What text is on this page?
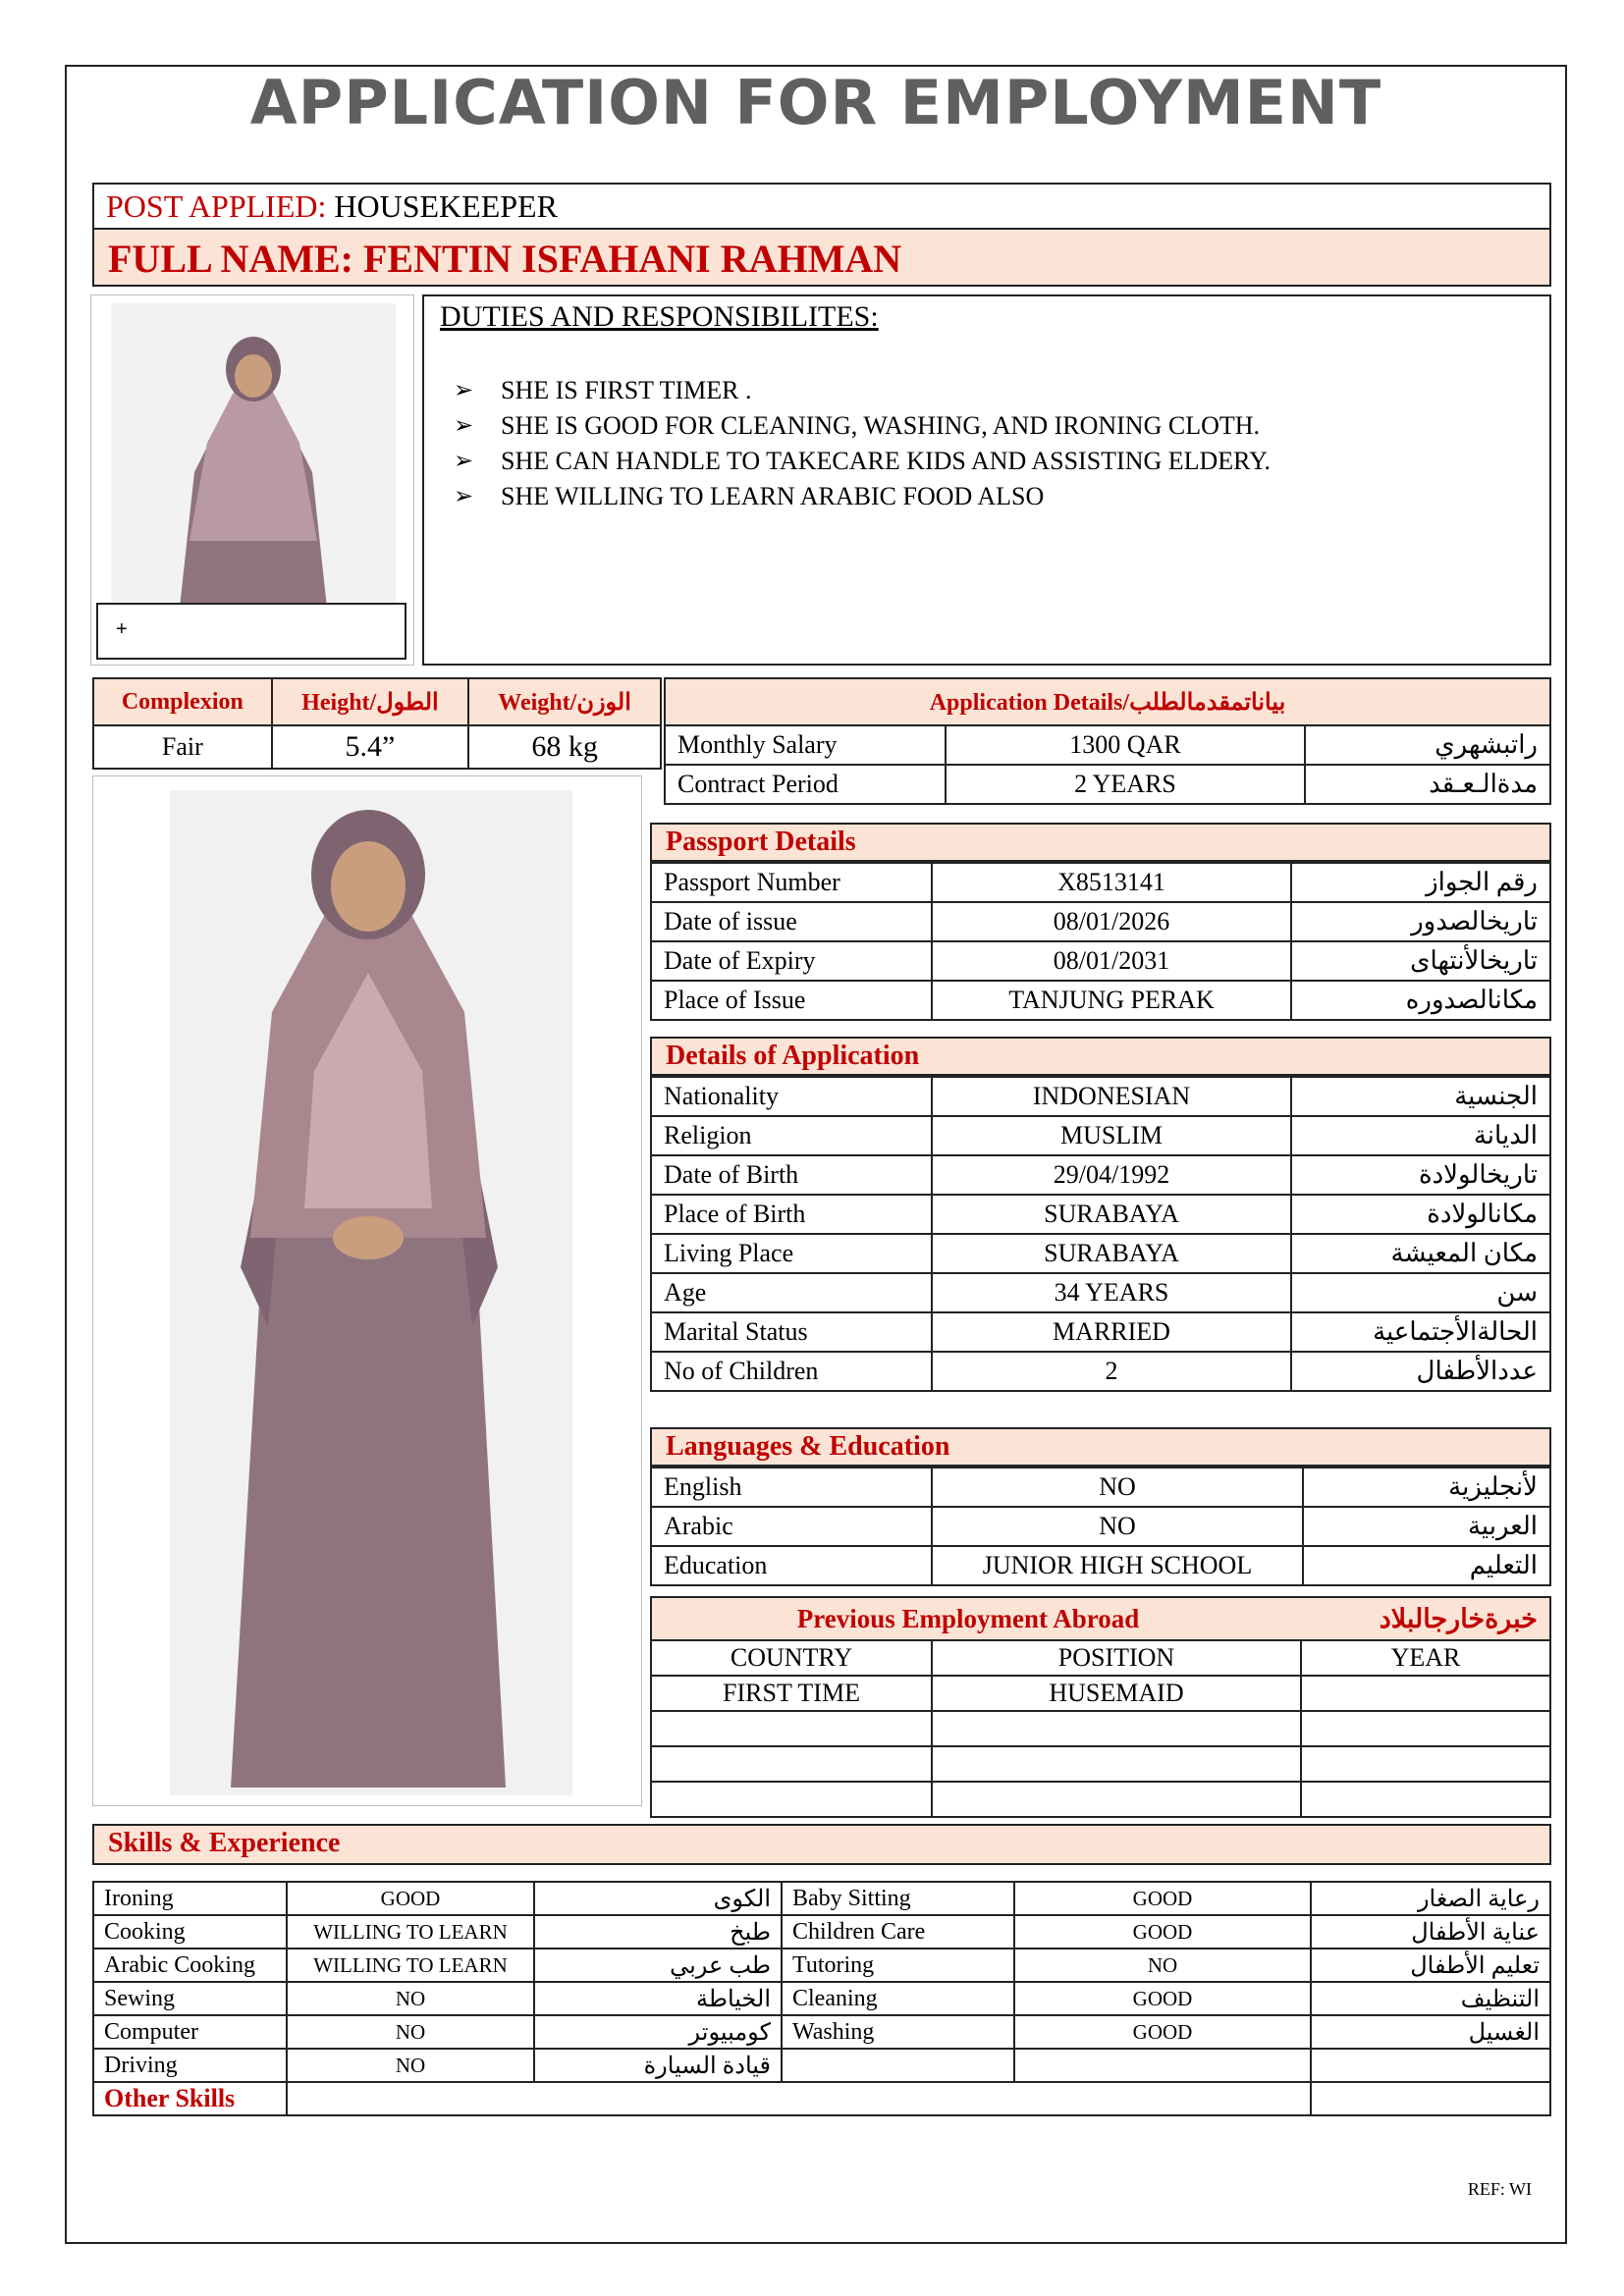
APPLICATION FOR EMPLOYMENT
POST APPLIED: HOUSEKEEPER
FULL NAME: FENTIN ISFAHANI RAHMAN
+
DUTIES AND RESPONSIBILITES:
➢	SHE IS FIRST TIMER .
➢	SHE IS GOOD FOR CLEANING, WASHING, AND IRONING CLOTH.
➢	SHE CAN HANDLE TO TAKECARE KIDS AND ASSISTING ELDERY.
➢	SHE WILLING TO LEARN ARABIC FOOD ALSO
Complexion	Height/الطول	Weight/الوزن
Fair	5.4”	68 kg
Application Details/بياناتمقدمالطلب		
Monthly Salary	1300 QAR	راتبشهري
Contract Period	2 YEARS	مدةالـعـقد
Passport Details
Passport Number	X8513141	رقم الجواز
Date of issue	08/01/2026	تاريخالصدور
Date of Expiry	08/01/2031	تاريخالأنتهاى
Place of Issue	TANJUNG PERAK	مكانالصدوره
Details of Application
Nationality	INDONESIAN	الجنسية
Religion	MUSLIM	الديانة
Date of Birth	29/04/1992	تاريخالولادة
Place of Birth	SURABAYA	مكانالولادة
Living Place	SURABAYA	مكان المعيشة
Age	34 YEARS	سن
Marital Status	MARRIED	الحالةالأجتماعية
No of Children	2	عددالأطفال
Languages & Education
English	NO	لأنجليزية
Arabic	NO	العربية
Education	JUNIOR HIGH SCHOOL	التعليم
Previous Employment Abroad خبرةخارجالبلاد		

COUNTRY	POSITION	YEAR
FIRST TIME	HUSEMAID	

Skills & Experience
Ironing	GOOD	الكوى	Baby Sitting	GOOD	رعاية الصغار
Cooking	WILLING TO LEARN	طبخ	Children Care	GOOD	عناية الأطفال
Arabic Cooking	WILLING TO LEARN	طب عربي	Tutoring	NO	تعليم الأطفال
Sewing	NO	الخياطة	Cleaning	GOOD	التنظيف
Computer	NO	كومبيوتر	Washing	GOOD	الغسيل
Driving	NO	قيادة السيارة			
Other Skills					
REF: WI
